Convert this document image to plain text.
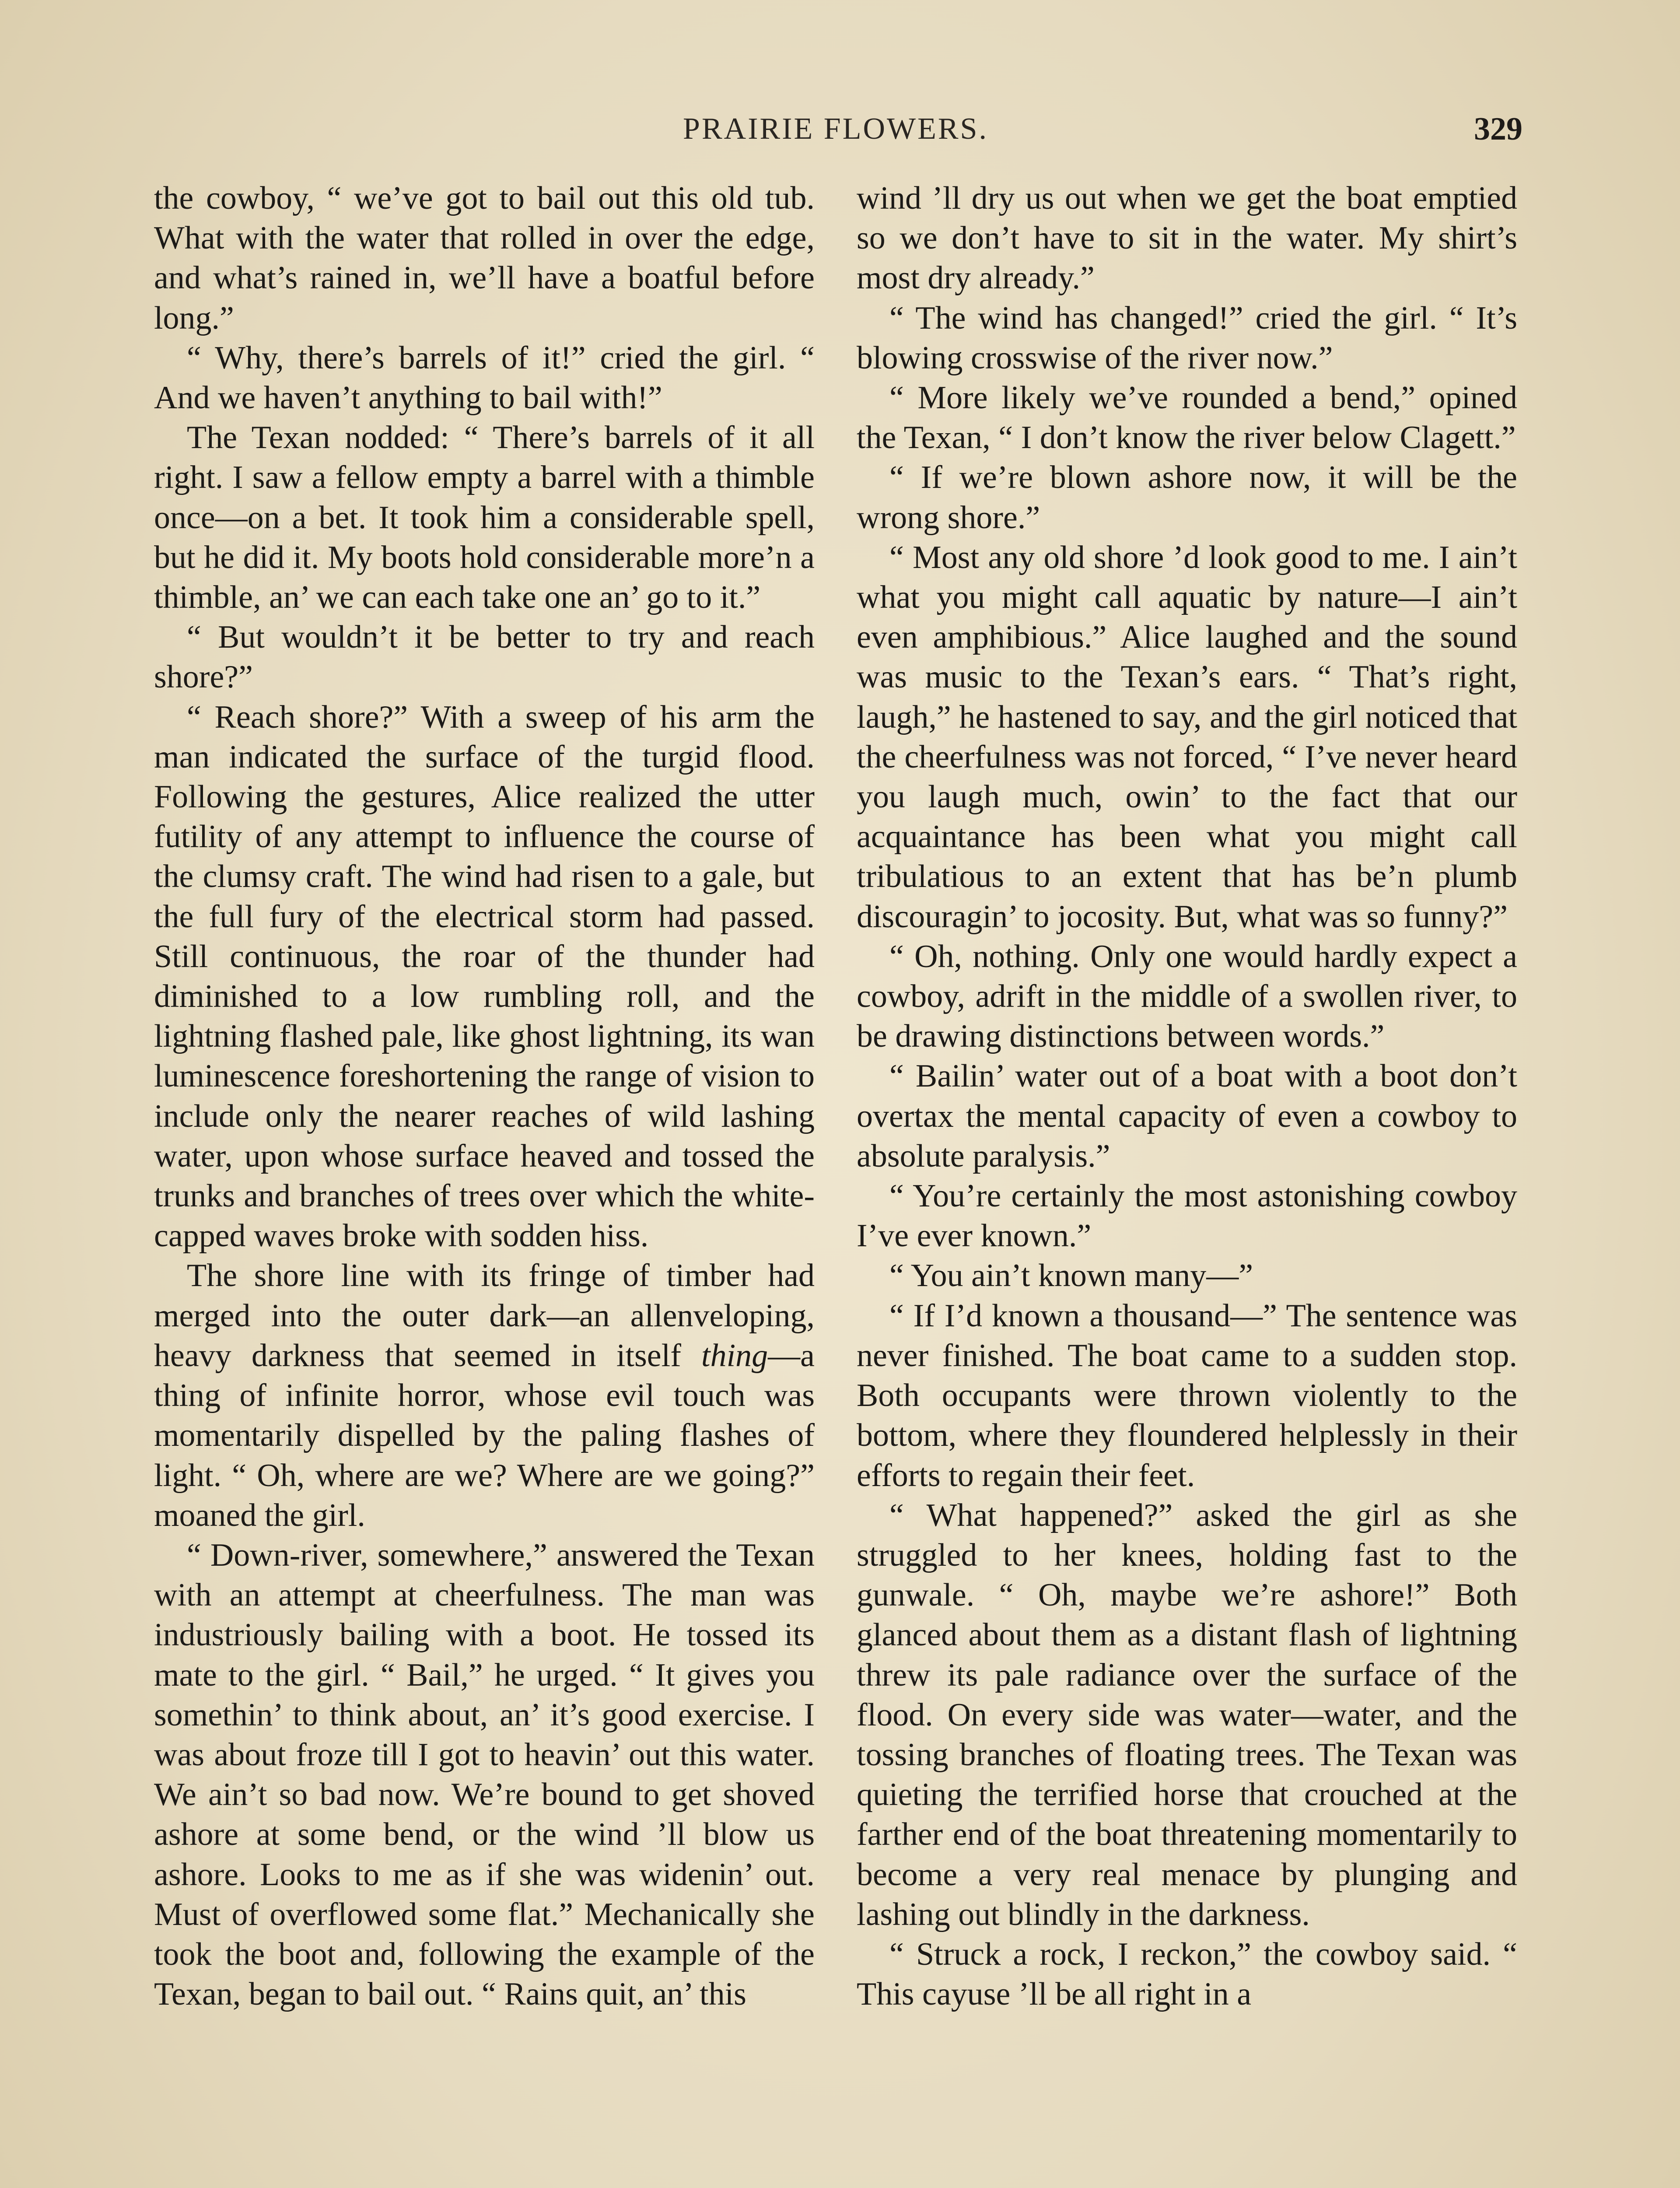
PRAIRIE FLOWERS.	329

the cowboy, “ we’ve got to bail out this old tub. What with the water that rolled in over the edge, and what’s rained in, we’ll have a boatful before long.”

“ Why, there’s barrels of it!” cried the girl. “ And we haven’t anything to bail with!”

The Texan nodded: “ There’s barrels of it all right. I saw a fellow empty a barrel with a thimble once—on a bet. It took him a considerable spell, but he did it. My boots hold considerable more’n a thimble, an’ we can each take one an’ go to it.”

“ But wouldn’t it be better to try and reach shore?”

“ Reach shore?” With a sweep of his arm the man indicated the surface of the turgid flood. Following the gestures, Alice realized the utter futility of any attempt to influence the course of the clumsy craft. The wind had risen to a gale, but the full fury of the electrical storm had passed. Still continuous, the roar of the thunder had diminished to a low rumbling roll, and the lightning flashed pale, like ghost lightning, its wan luminescence foreshortening the range of vision to include only the nearer reaches of wild lashing water, upon whose surface heaved and tossed the trunks and branches of trees over which the whitecapped waves broke with sodden hiss.

The shore line with its fringe of timber had merged into the outer dark—an allenveloping, heavy darkness that seemed in itself thing—a thing of infinite horror, whose evil touch was momentarily dispelled by the paling flashes of light. “ Oh, where are we? Where are we going?” moaned the girl.

“ Down-river, somewhere,” answered the Texan with an attempt at cheerfulness. The man was industriously bailing with a boot. He tossed its mate to the girl. “ Bail,” he urged. “ It gives you somethin’ to think about, an’ it’s good exercise. I was about froze till I got to heavin’ out this water. We ain’t so bad now. We’re bound to get shoved ashore at some bend, or the wind ’ll blow us ashore. Looks to me as if she was widenin’ out. Must of overflowed some flat.” Mechanically she took the boot and, following the example of the Texan, began to bail out. “ Rains quit, an’ this

wind ’ll dry us out when we get the boat emptied so we don’t have to sit in the water. My shirt’s most dry already.”

“ The wind has changed!” cried the girl. “ It’s blowing crosswise of the river now.”

“ More likely we’ve rounded a bend,” opined the Texan, “ I don’t know the river below Clagett.”

“ If we’re blown ashore now, it will be the wrong shore.”

“ Most any old shore ’d look good to me. I ain’t what you might call aquatic by nature—I ain’t even amphibious.” Alice laughed and the sound was music to the Texan’s ears. “ That’s right, laugh,” he hastened to say, and the girl noticed that the cheerfulness was not forced, “ I’ve never heard you laugh much, owin’ to the fact that our acquaintance has been what you might call tribulatious to an extent that has be’n plumb discouragin’ to jocosity. But, what was so funny?”

“ Oh, nothing. Only one would hardly expect a cowboy, adrift in the middle of a swollen river, to be drawing distinctions between words.”

“ Bailin’ water out of a boat with a boot don’t overtax the mental capacity of even a cowboy to absolute paralysis.”

“ You’re certainly the most astonishing cowboy I’ve ever known.”

“ You ain’t known many—”

“ If I’d known a thousand—” The sentence was never finished. The boat came to a sudden stop. Both occupants were thrown violently to the bottom, where they floundered helplessly in their efforts to regain their feet.

“ What happened?” asked the girl as she struggled to her knees, holding fast to the gunwale. “ Oh, maybe we’re ashore!” Both glanced about them as a distant flash of lightning threw its pale radiance over the surface of the flood. On every side was water—water, and the tossing branches of floating trees. The Texan was quieting the terrified horse that crouched at the farther end of the boat threatening momentarily to become a very real menace by plunging and lashing out blindly in the darkness.

“ Struck a rock, I reckon,” the cowboy said. “ This cayuse ’ll be all right in a
